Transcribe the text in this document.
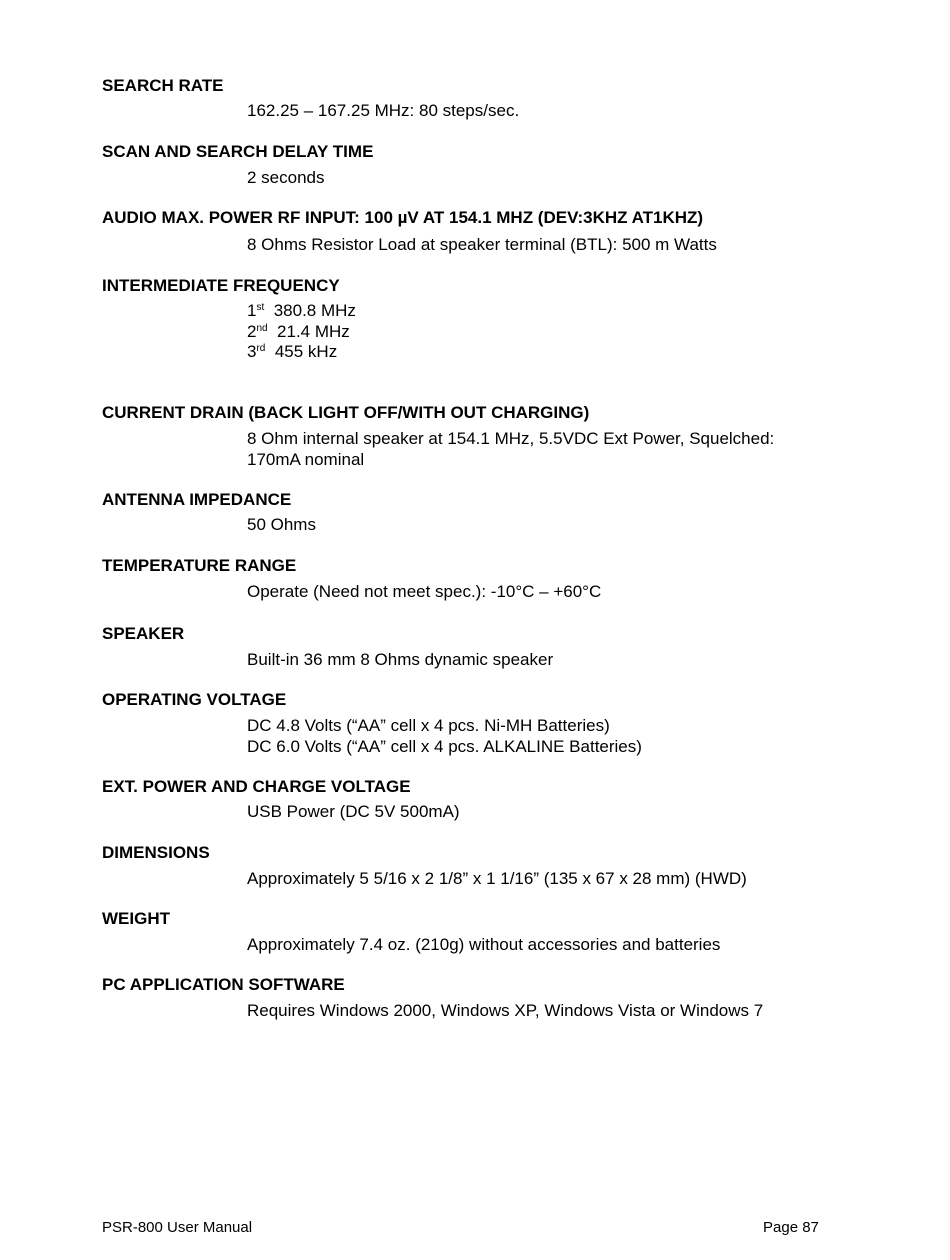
SEARCH RATE
162.25 – 167.25 MHz: 80 steps/sec.
SCAN AND SEARCH DELAY TIME
2 seconds
AUDIO MAX. POWER RF INPUT: 100 µV AT 154.1 MHZ (DEV:3KHZ AT1KHZ)
8 Ohms Resistor Load at speaker terminal (BTL): 500 m Watts
INTERMEDIATE FREQUENCY
1st 380.8 MHz
2nd 21.4 MHz
3rd 455 kHz
CURRENT DRAIN (BACK LIGHT OFF/WITH OUT CHARGING)
8 Ohm internal speaker at 154.1 MHz, 5.5VDC Ext Power, Squelched:
170mA nominal
ANTENNA IMPEDANCE
50 Ohms
TEMPERATURE RANGE
Operate (Need not meet spec.): -10°C – +60°C
SPEAKER
Built-in 36 mm 8 Ohms dynamic speaker
OPERATING VOLTAGE
DC 4.8 Volts (“AA” cell x 4 pcs. Ni-MH Batteries)
DC 6.0 Volts (“AA” cell x 4 pcs. ALKALINE Batteries)
EXT. POWER AND CHARGE VOLTAGE
USB Power (DC 5V 500mA)
DIMENSIONS
Approximately 5 5/16 x 2 1/8” x 1 1/16” (135 x 67 x 28 mm) (HWD)
WEIGHT
Approximately 7.4 oz. (210g) without accessories and batteries
PC APPLICATION SOFTWARE
Requires Windows 2000, Windows XP, Windows Vista or Windows 7
PSR-800 User Manual	Page 87
